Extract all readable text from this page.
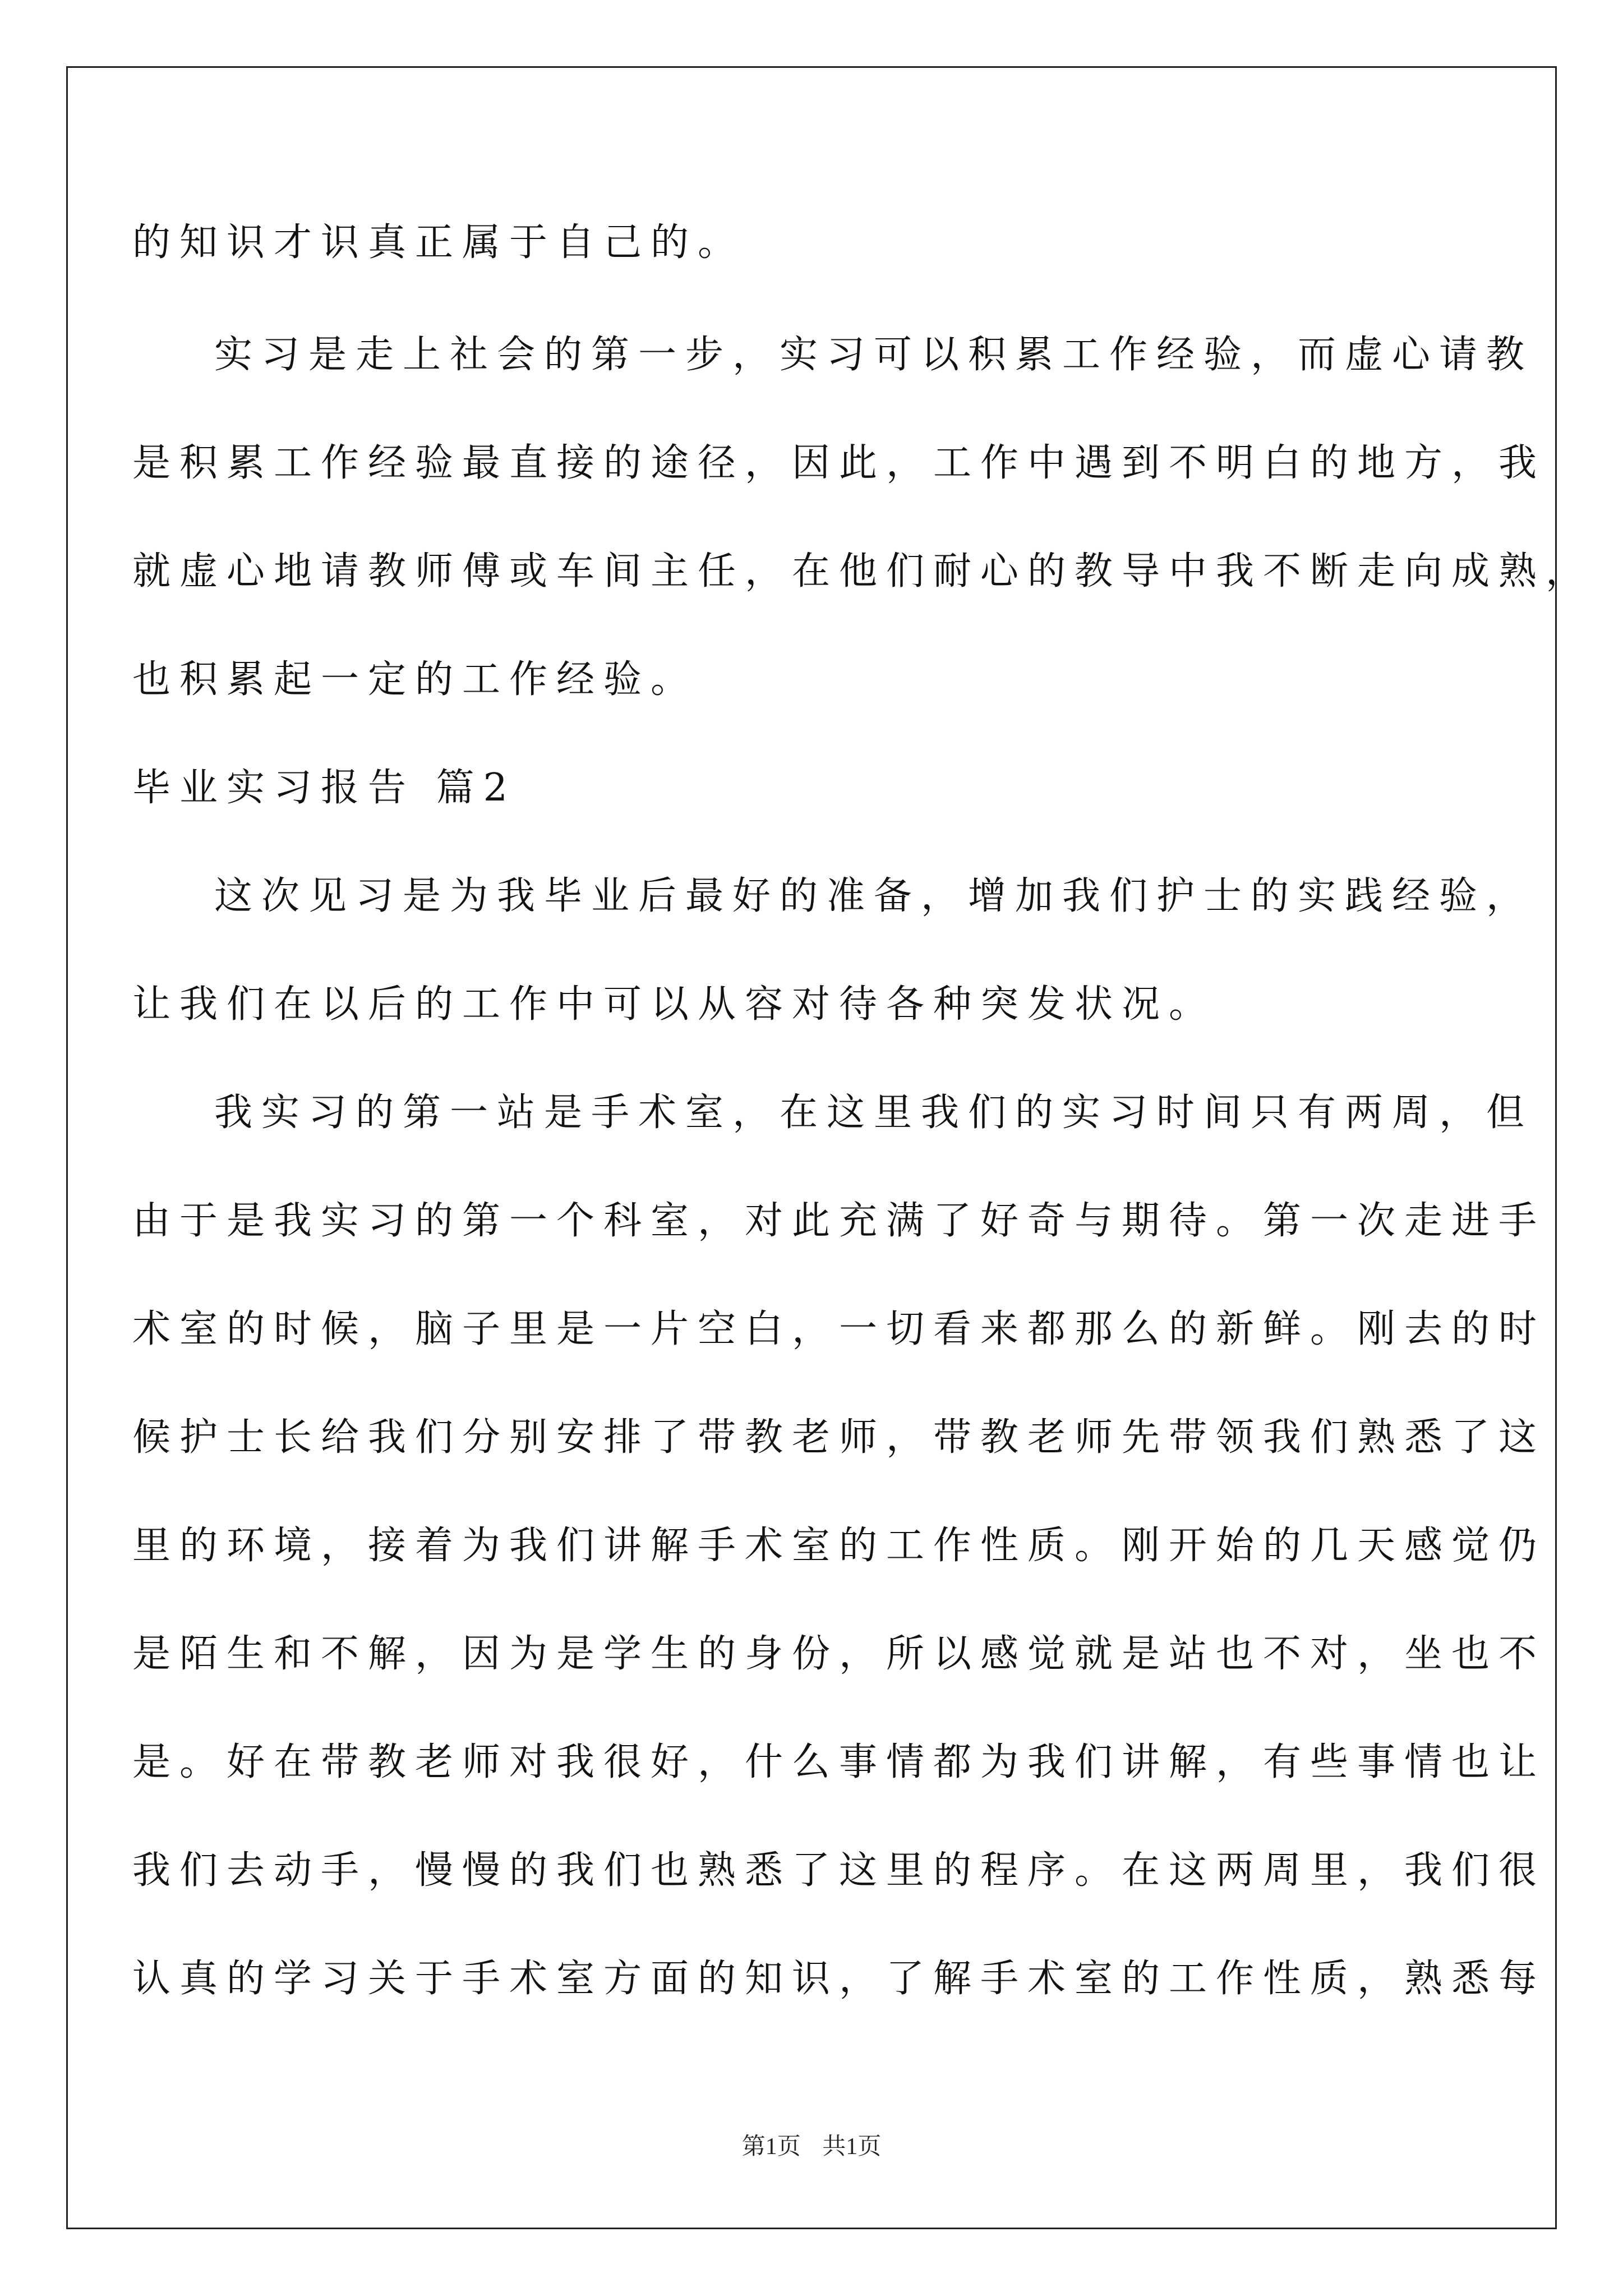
的知识才识真正属于自己的。
实习是走上社会的第一步，实习可以积累工作经验，而虚心请教
是积累工作经验最直接的途径，因此，工作中遇到不明白的地方，我
就虚心地请教师傅或车间主任，在他们耐心的教导中我不断走向成熟，
也积累起一定的工作经验。
毕业实习报告 篇2
这次见习是为我毕业后最好的准备，增加我们护士的实践经验，
让我们在以后的工作中可以从容对待各种突发状况。
我实习的第一站是手术室，在这里我们的实习时间只有两周，但
由于是我实习的第一个科室，对此充满了好奇与期待。第一次走进手
术室的时候，脑子里是一片空白，一切看来都那么的新鲜。刚去的时
候护士长给我们分别安排了带教老师，带教老师先带领我们熟悉了这
里的环境，接着为我们讲解手术室的工作性质。刚开始的几天感觉仍
是陌生和不解，因为是学生的身份，所以感觉就是站也不对，坐也不
是。好在带教老师对我很好，什么事情都为我们讲解，有些事情也让
我们去动手，慢慢的我们也熟悉了这里的程序。在这两周里，我们很
认真的学习关于手术室方面的知识，了解手术室的工作性质，熟悉每
第1页 共1页
